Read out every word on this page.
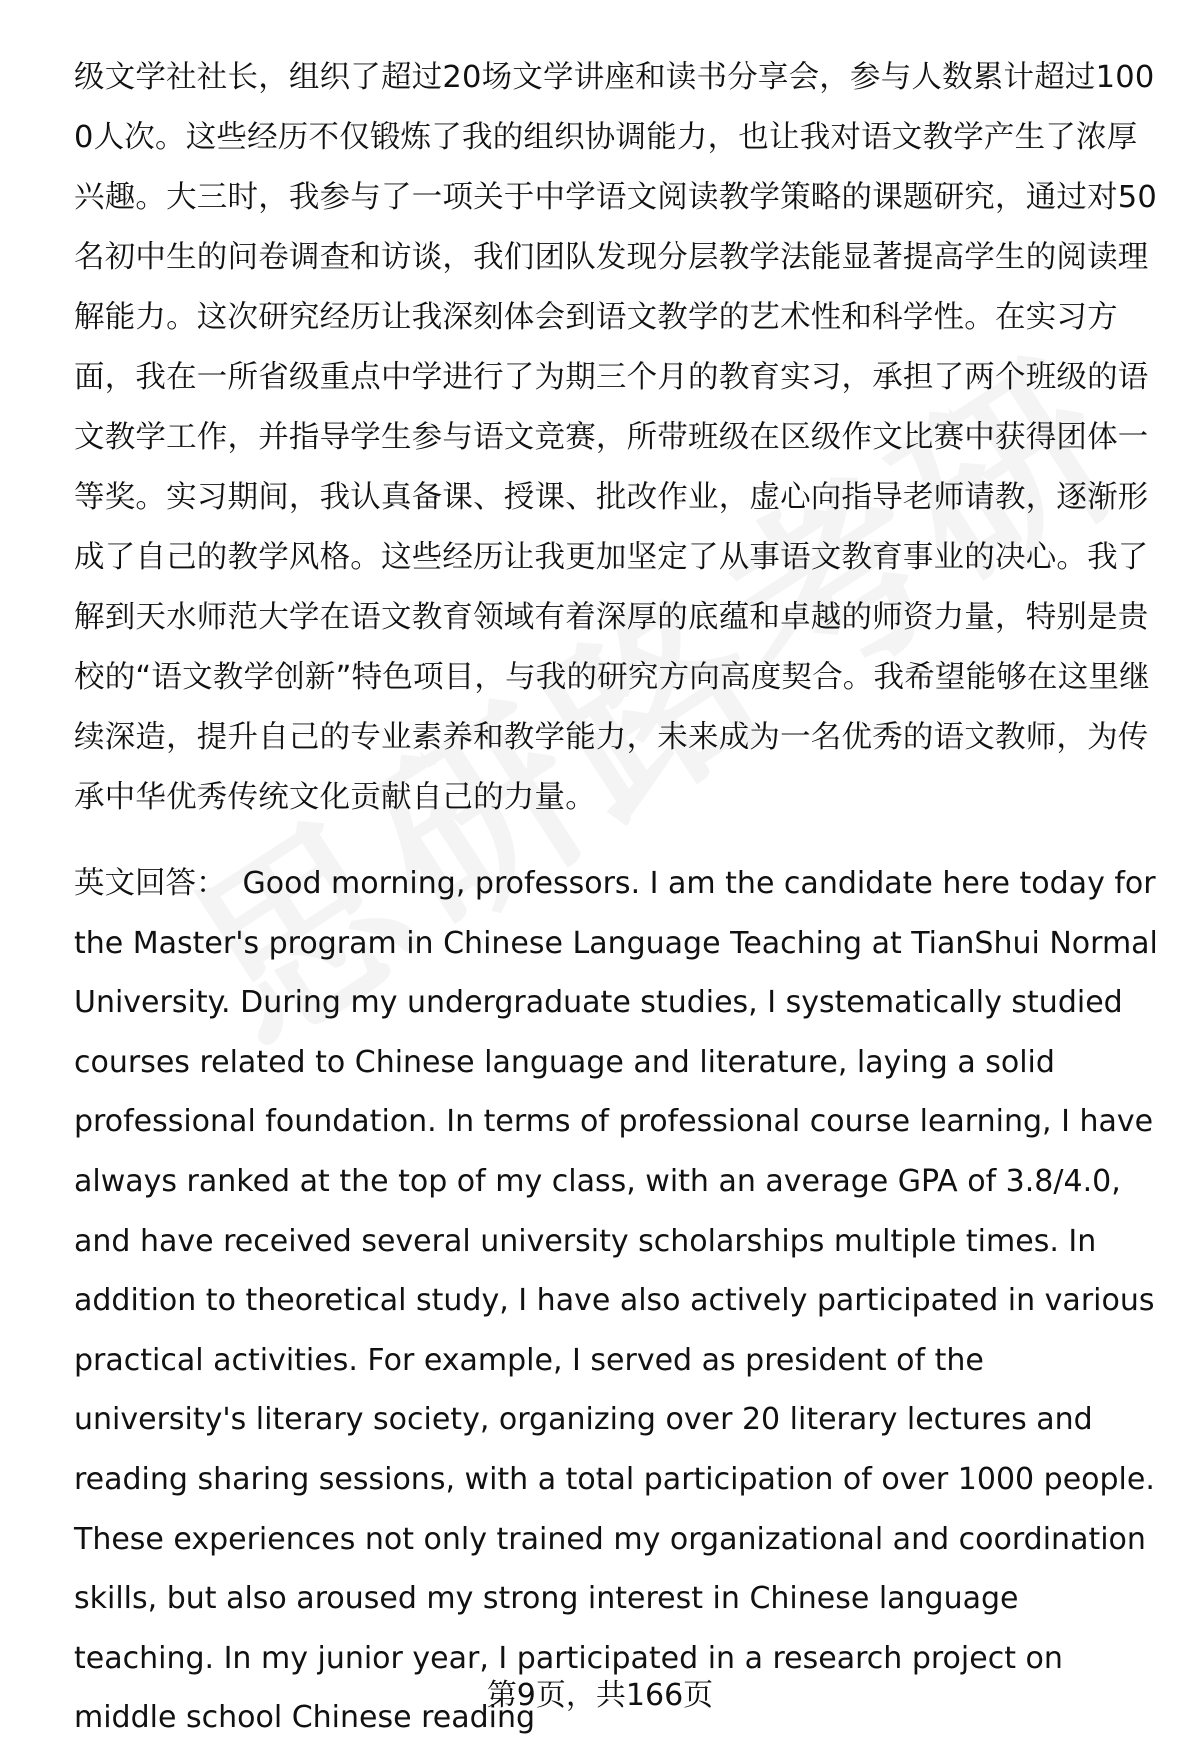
级文学社社长，组织了超过20场文学讲座和读书分享会，参与人数累计超过1000人次。这些经历不仅锻炼了我的组织协调能力，也让我对语文教学产生了浓厚兴趣。大三时，我参与了一项关于中学语文阅读教学策略的课题研究，通过对50名初中生的问卷调查和访谈，我们团队发现分层教学法能显著提高学生的阅读理解能力。这次研究经历让我深刻体会到语文教学的艺术性和科学性。在实习方面，我在一所省级重点中学进行了为期三个月的教育实习，承担了两个班级的语文教学工作，并指导学生参与语文竞赛，所带班级在区级作文比赛中获得团体一等奖。实习期间，我认真备课、授课、批改作业，虚心向指导老师请教，逐渐形成了自己的教学风格。这些经历让我更加坚定了从事语文教育事业的决心。我了解到天水师范大学在语文教育领域有着深厚的底蕴和卓越的师资力量，特别是贵校的“语文教学创新”特色项目，与我的研究方向高度契合。我希望能够在这里继续深造，提升自己的专业素养和教学能力，未来成为一名优秀的语文教师，为传承中华优秀传统文化贡献自己的力量。

英文回答： Good morning, professors. I am the candidate here today for the Master's program in Chinese Language Teaching at TianShui Normal University. During my undergraduate studies, I systematically studied courses related to Chinese language and literature, laying a solid professional foundation. In terms of professional course learning, I have always ranked at the top of my class, with an average GPA of 3.8/4.0, and have received several university scholarships multiple times. In addition to theoretical study, I have also actively participated in various practical activities. For example, I served as president of the university's literary society, organizing over 20 literary lectures and reading sharing sessions, with a total participation of over 1000 people. These experiences not only trained my organizational and coordination skills, but also aroused my strong interest in Chinese language teaching. In my junior year, I participated in a research project on middle school Chinese reading

第9页，共166页
